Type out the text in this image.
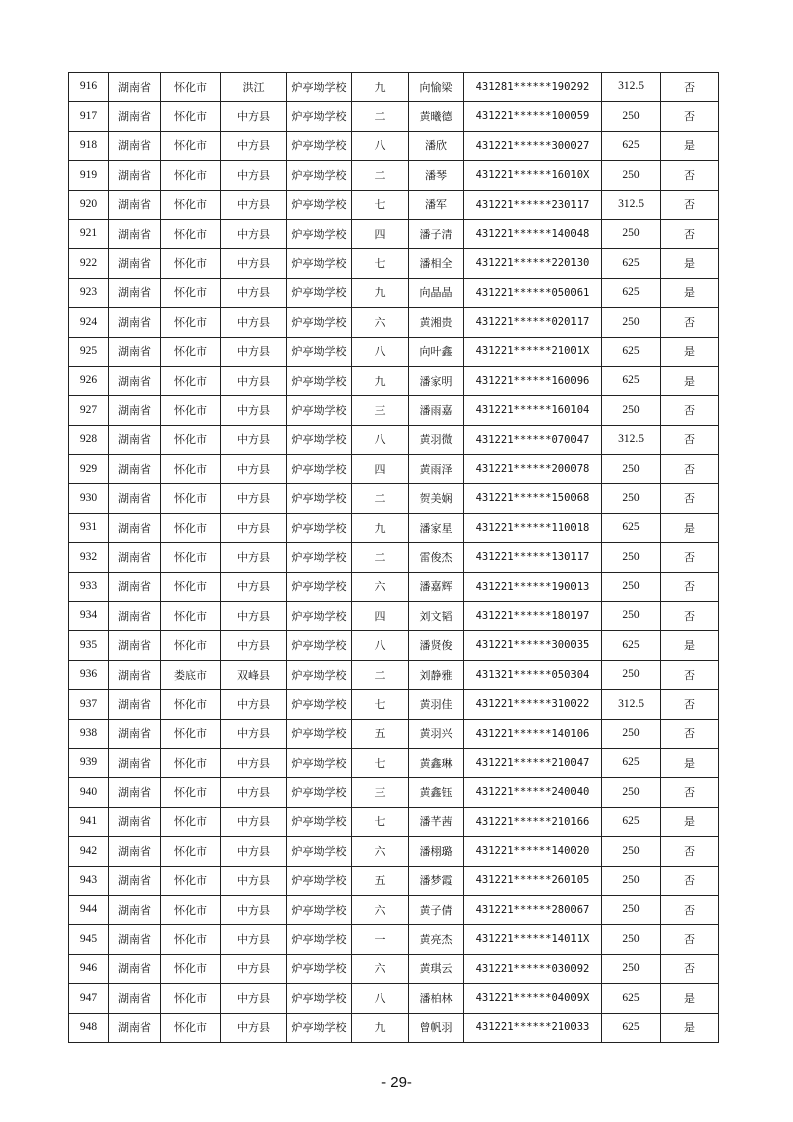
916	湖南省	怀化市	洪江	炉亭坳学校	九	向愉梁	431281******190292	312.5	否
917	湖南省	怀化市	中方县	炉亭坳学校	二	黄曦德	431221******100059	250	否
918	湖南省	怀化市	中方县	炉亭坳学校	八	潘欣	431221******300027	625	是
919	湖南省	怀化市	中方县	炉亭坳学校	二	潘琴	431221******16010X	250	否
920	湖南省	怀化市	中方县	炉亭坳学校	七	潘军	431221******230117	312.5	否
921	湖南省	怀化市	中方县	炉亭坳学校	四	潘子清	431221******140048	250	否
922	湖南省	怀化市	中方县	炉亭坳学校	七	潘相全	431221******220130	625	是
923	湖南省	怀化市	中方县	炉亭坳学校	九	向晶晶	431221******050061	625	是
924	湖南省	怀化市	中方县	炉亭坳学校	六	黄湘贵	431221******020117	250	否
925	湖南省	怀化市	中方县	炉亭坳学校	八	向叶鑫	431221******21001X	625	是
926	湖南省	怀化市	中方县	炉亭坳学校	九	潘家明	431221******160096	625	是
927	湖南省	怀化市	中方县	炉亭坳学校	三	潘雨嘉	431221******160104	250	否
928	湖南省	怀化市	中方县	炉亭坳学校	八	黄羽微	431221******070047	312.5	否
929	湖南省	怀化市	中方县	炉亭坳学校	四	黄雨泽	431221******200078	250	否
930	湖南省	怀化市	中方县	炉亭坳学校	二	贺美娴	431221******150068	250	否
931	湖南省	怀化市	中方县	炉亭坳学校	九	潘家星	431221******110018	625	是
932	湖南省	怀化市	中方县	炉亭坳学校	二	雷俊杰	431221******130117	250	否
933	湖南省	怀化市	中方县	炉亭坳学校	六	潘嘉辉	431221******190013	250	否
934	湖南省	怀化市	中方县	炉亭坳学校	四	刘文韬	431221******180197	250	否
935	湖南省	怀化市	中方县	炉亭坳学校	八	潘贤俊	431221******300035	625	是
936	湖南省	娄底市	双峰县	炉亭坳学校	二	刘静雅	431321******050304	250	否
937	湖南省	怀化市	中方县	炉亭坳学校	七	黄羽佳	431221******310022	312.5	否
938	湖南省	怀化市	中方县	炉亭坳学校	五	黄羽兴	431221******140106	250	否
939	湖南省	怀化市	中方县	炉亭坳学校	七	黄鑫琳	431221******210047	625	是
940	湖南省	怀化市	中方县	炉亭坳学校	三	黄鑫钰	431221******240040	250	否
941	湖南省	怀化市	中方县	炉亭坳学校	七	潘芊茜	431221******210166	625	是
942	湖南省	怀化市	中方县	炉亭坳学校	六	潘栩璐	431221******140020	250	否
943	湖南省	怀化市	中方县	炉亭坳学校	五	潘梦霞	431221******260105	250	否
944	湖南省	怀化市	中方县	炉亭坳学校	六	黄子倩	431221******280067	250	否
945	湖南省	怀化市	中方县	炉亭坳学校	一	黄亮杰	431221******14011X	250	否
946	湖南省	怀化市	中方县	炉亭坳学校	六	黄琪云	431221******030092	250	否
947	湖南省	怀化市	中方县	炉亭坳学校	八	潘柏林	431221******04009X	625	是
948	湖南省	怀化市	中方县	炉亭坳学校	九	曾帆羽	431221******210033	625	是
- 29-
